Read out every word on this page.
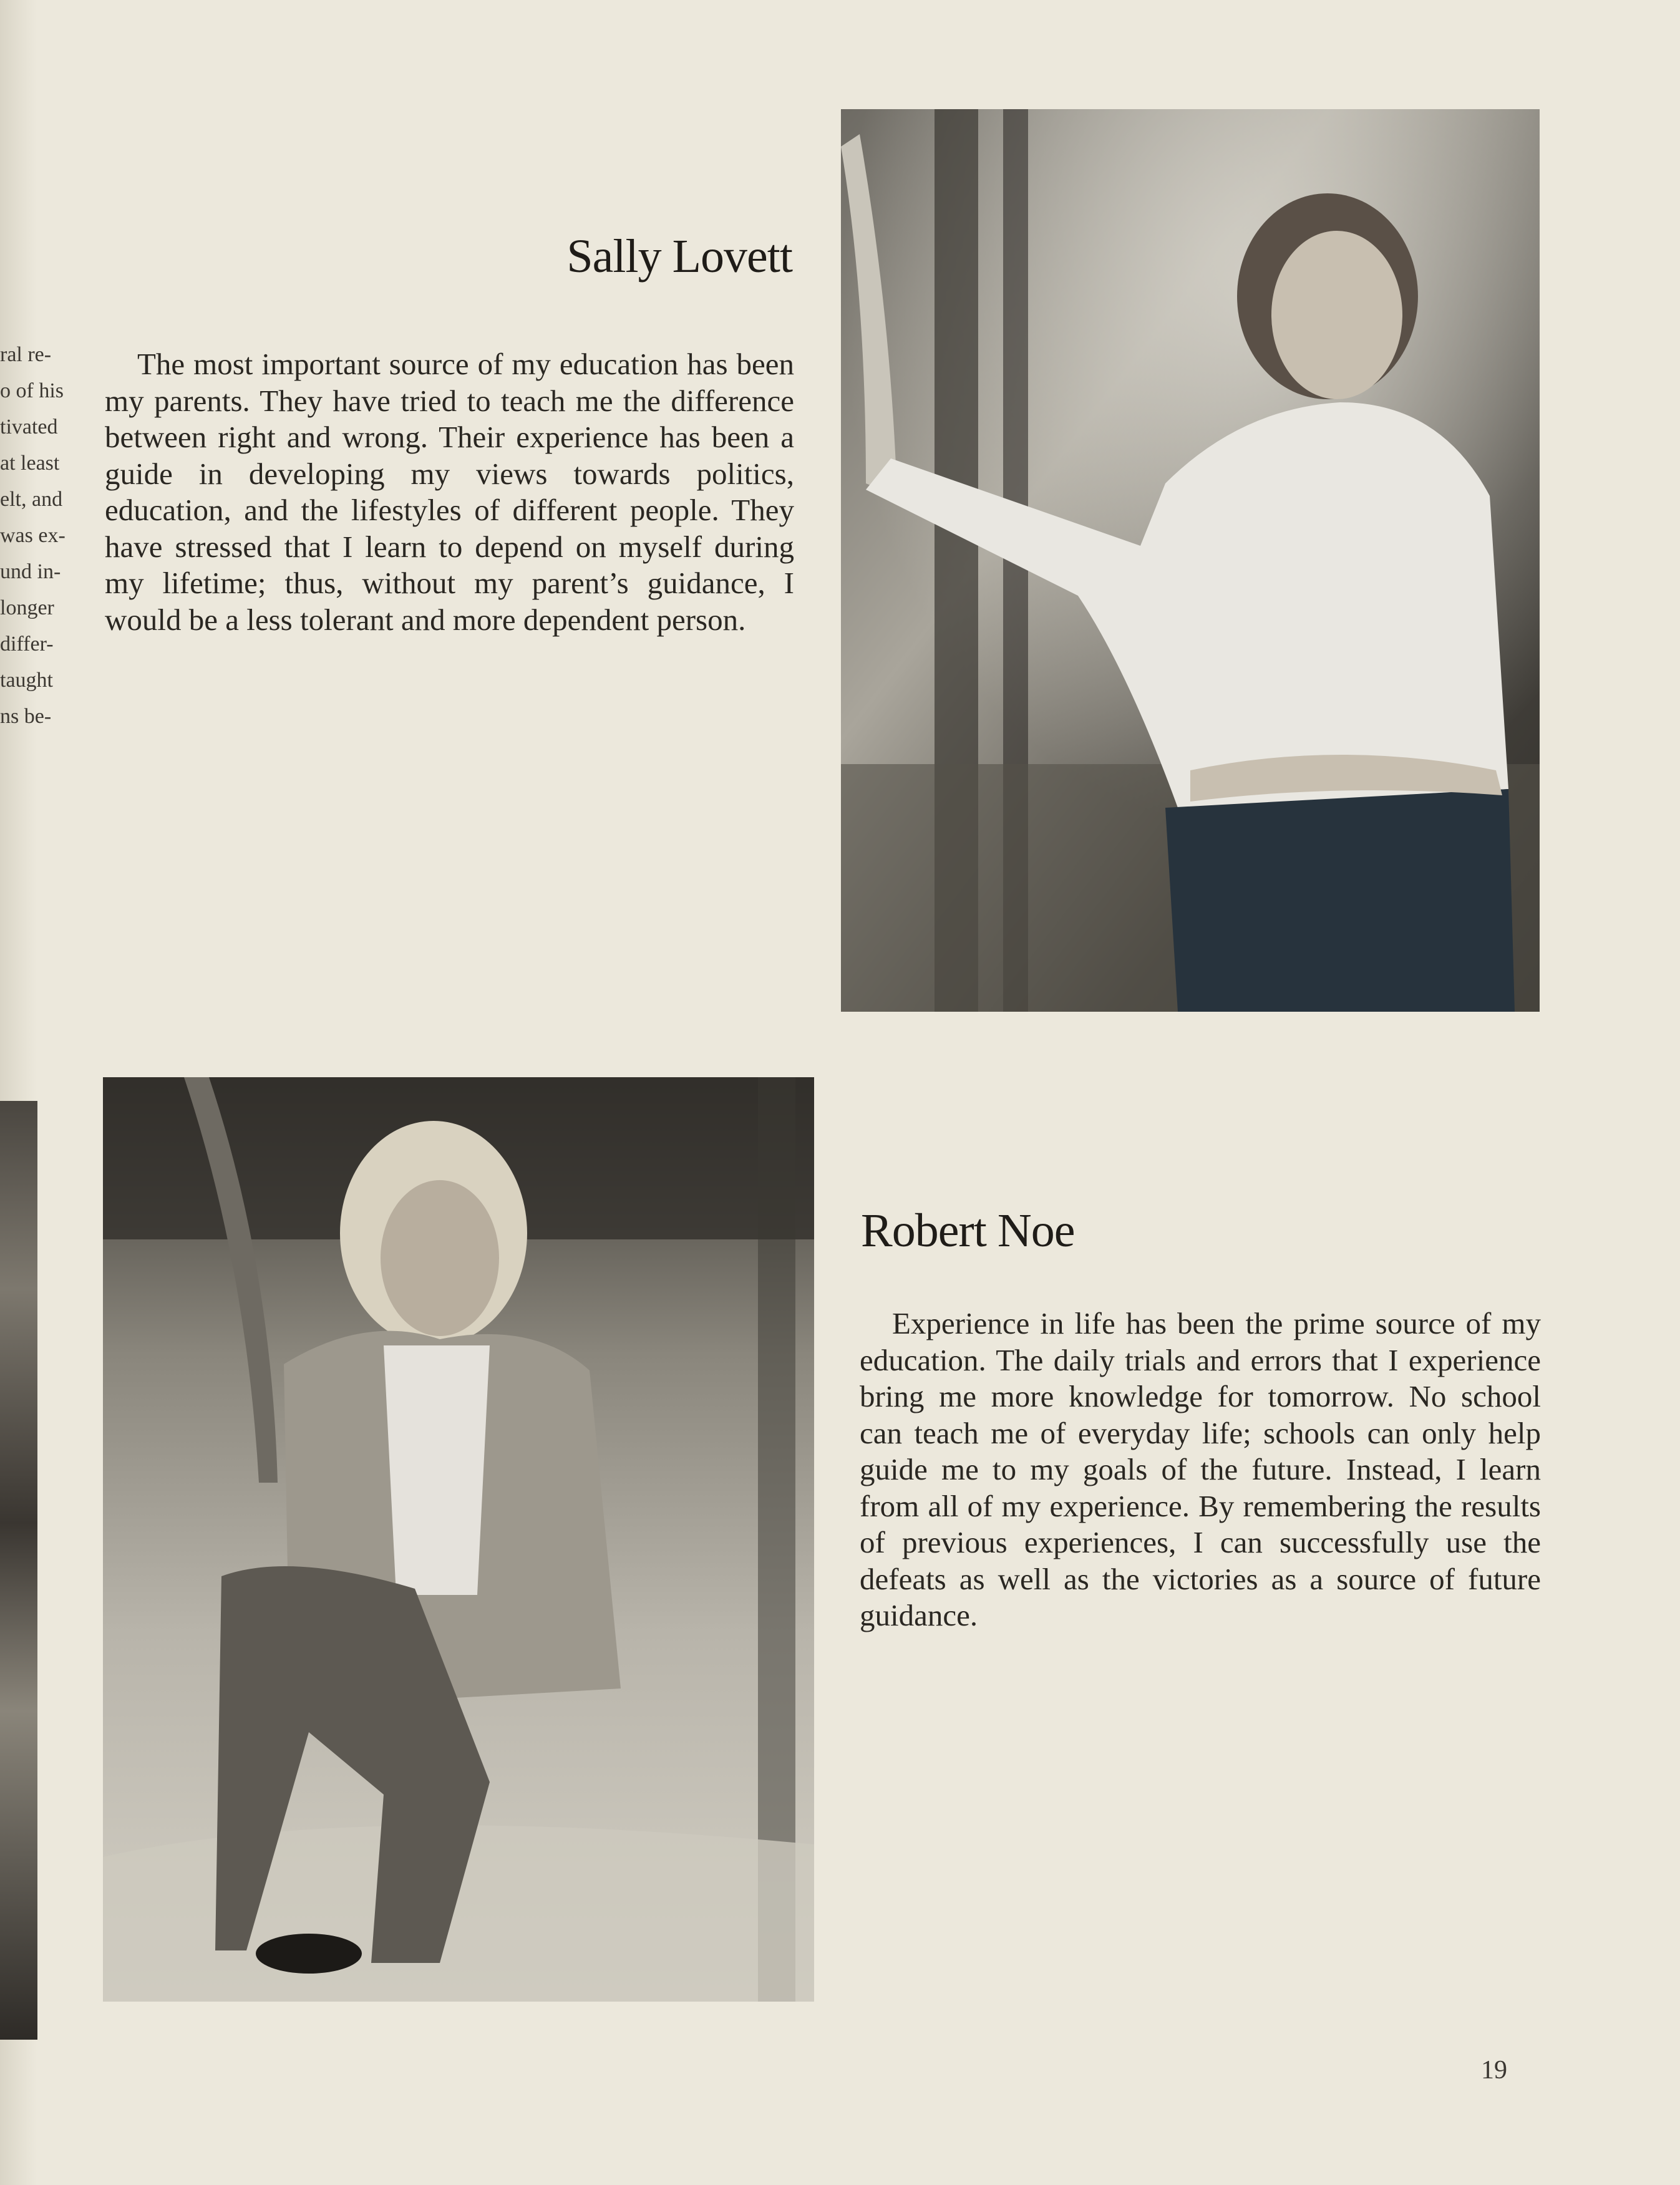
ral re-
o of his
tivated
at least
elt, and
was ex-
und in-
longer
differ-
taught
ns be-
Sally Lovett

The most important source of my education has been my parents. They have tried to teach me the difference between right and wrong. Their experience has been a guide in developing my views towards politics, education, and the lifestyles of different people. They have stressed that I learn to depend on myself during my lifetime; thus, without my parent’s guidance, I would be a less tolerant and more dependent person.

Robert Noe

Experience in life has been the prime source of my education. The daily trials and errors that I experience bring me more knowledge for tomorrow. No school can teach me of everyday life; schools can only help guide me to my goals of the future. Instead, I learn from all of my experience. By remembering the results of previous experiences, I can successfully use the defeats as well as the victories as a source of future guidance.

19
